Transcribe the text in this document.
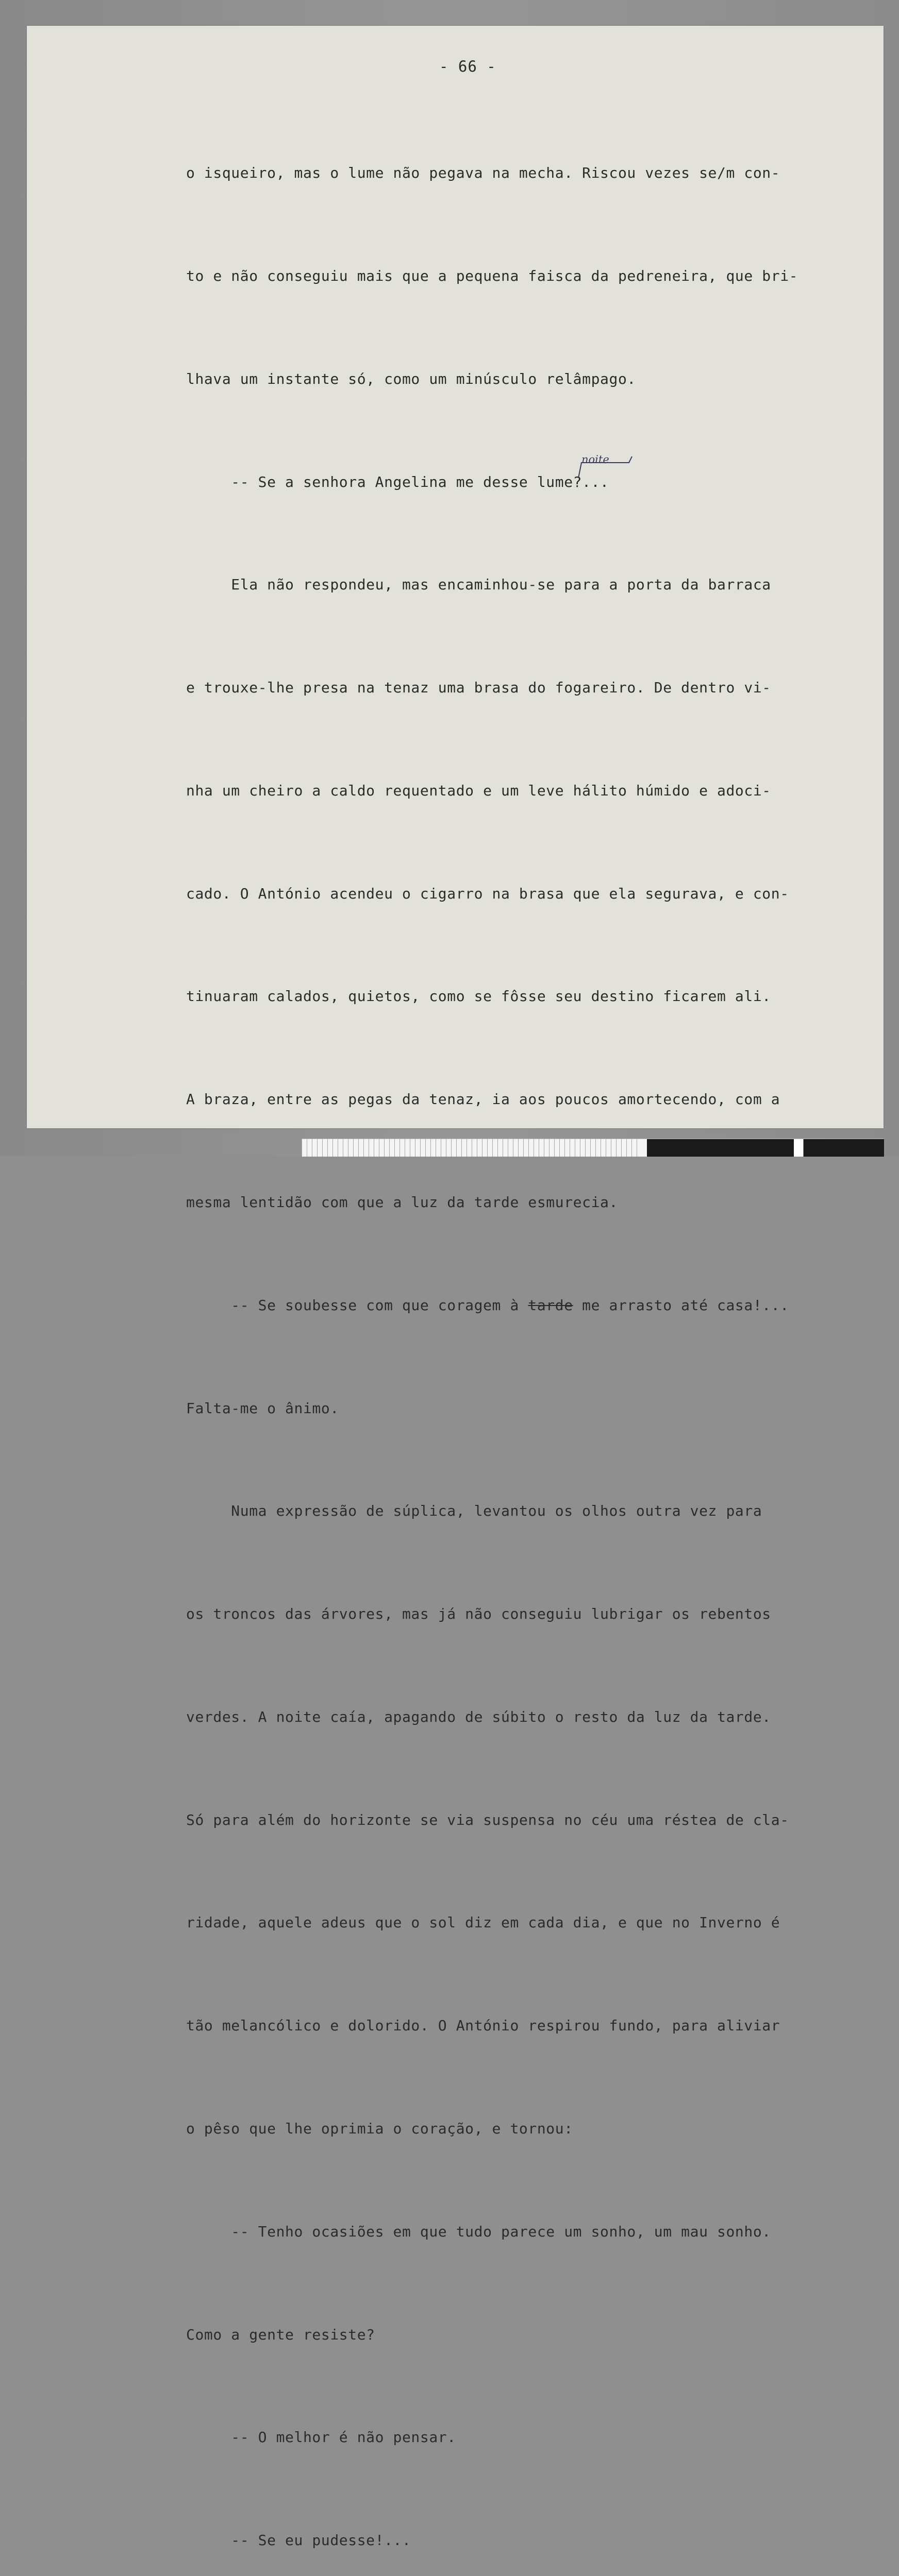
- 66 -

o isqueiro, mas o lume não pegava na mecha. Riscou vezes se/m con-

to e não conseguiu mais que a pequena faisca da pedreneira, que bri-

lhava um instante só, como um minúsculo relâmpago.

-- Se a senhora Angelina me desse lume?...

Ela não respondeu, mas encaminhou-se para a porta da barraca

e trouxe-lhe presa na tenaz uma brasa do fogareiro. De dentro vi-

nha um cheiro a caldo requentado e um leve hálito húmido e adoci-

cado. O António acendeu o cigarro na brasa que ela segurava, e con-

tinuaram calados, quietos, como se fôsse seu destino ficarem ali.

A braza, entre as pegas da tenaz, ia aos poucos amortecendo, com a

mesma lentidão com que a luz da tarde esmurecia.

-- Se soubesse com que coragem à tarde me arrasto até casa!...

Falta-me o ânimo.

Numa expressão de súplica, levantou os olhos outra vez para

os troncos das árvores, mas já não conseguiu lubrigar os rebentos

verdes. A noite caía, apagando de súbito o resto da luz da tarde.

Só para além do horizonte se via suspensa no céu uma réstea de cla-

ridade, aquele adeus que o sol diz em cada dia, e que no Inverno é

tão melancólico e dolorido. O António respirou fundo, para aliviar

o pêso que lhe oprimia o coração, e tornou:

-- Tenho ocasiões em que tudo parece um sonho, um mau sonho.

Como a gente resiste?

-- O melhor é não pensar.

-- Se eu pudesse!...

noite
